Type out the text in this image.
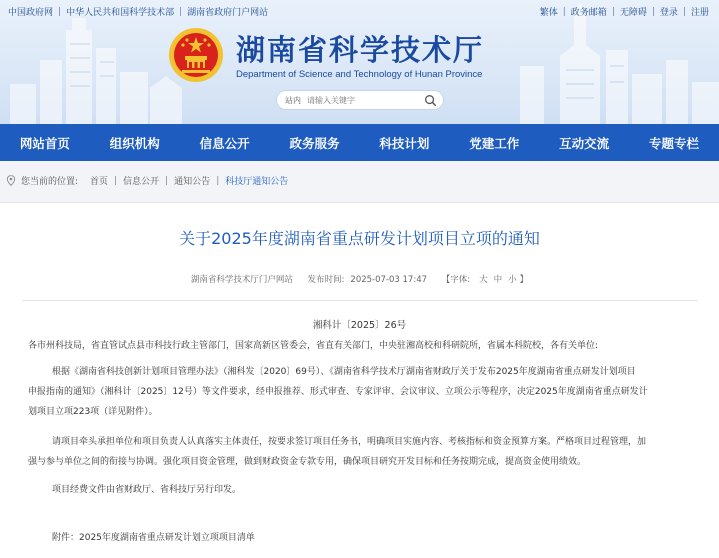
中国政府网 | 中华人民共和国科学技术部 | 湖南省政府门户网站	繁体 | 政务邮箱 | 无障碍 | 登录 | 注册
湖南省科学技术厅
Department of Science and Technology of Hunan Province
站内
请输入关键字
网站首页	组织机构	信息公开	政务服务	科技计划	党建工作	互动交流	专题专栏
您当前的位置: 首页 | 信息公开 | 通知公告 | 科技厅通知公告
关于2025年度湖南省重点研发计划项目立项的通知
湖南省科学技术厅门户网站 发布时间: 2025-07-03 17:47 【字体: 大 中 小 】
湘科计〔2025〕26号
各市州科技局，省直管试点县市科技行政主管部门，国家高新区管委会，省直有关部门，中央驻湘高校和科研院所，省属本科院校，各有关单位:
根据《湖南省科技创新计划项目管理办法》（湘科发〔2020〕69号）、《湖南省科学技术厅湖南省财政厅关于发布2025年度湖南省重点研发计划项目
申报指南的通知》（湘科计〔2025〕12号）等文件要求，经申报推荐、形式审查、专家评审、会议审议、立项公示等程序，决定2025年度湖南省重点研发计
划项目立项223项（详见附件）。
请项目牵头承担单位和项目负责人认真落实主体责任，按要求签订项目任务书，明确项目实施内容、考核指标和资金预算方案。严格项目过程管理，加
强与参与单位之间的衔接与协调。强化项目资金管理，做到财政资金专款专用，确保项目研究开发目标和任务按期完成，提高资金使用绩效。
项目经费文件由省财政厅、省科技厅另行印发。
附件：2025年度湖南省重点研发计划立项项目清单
